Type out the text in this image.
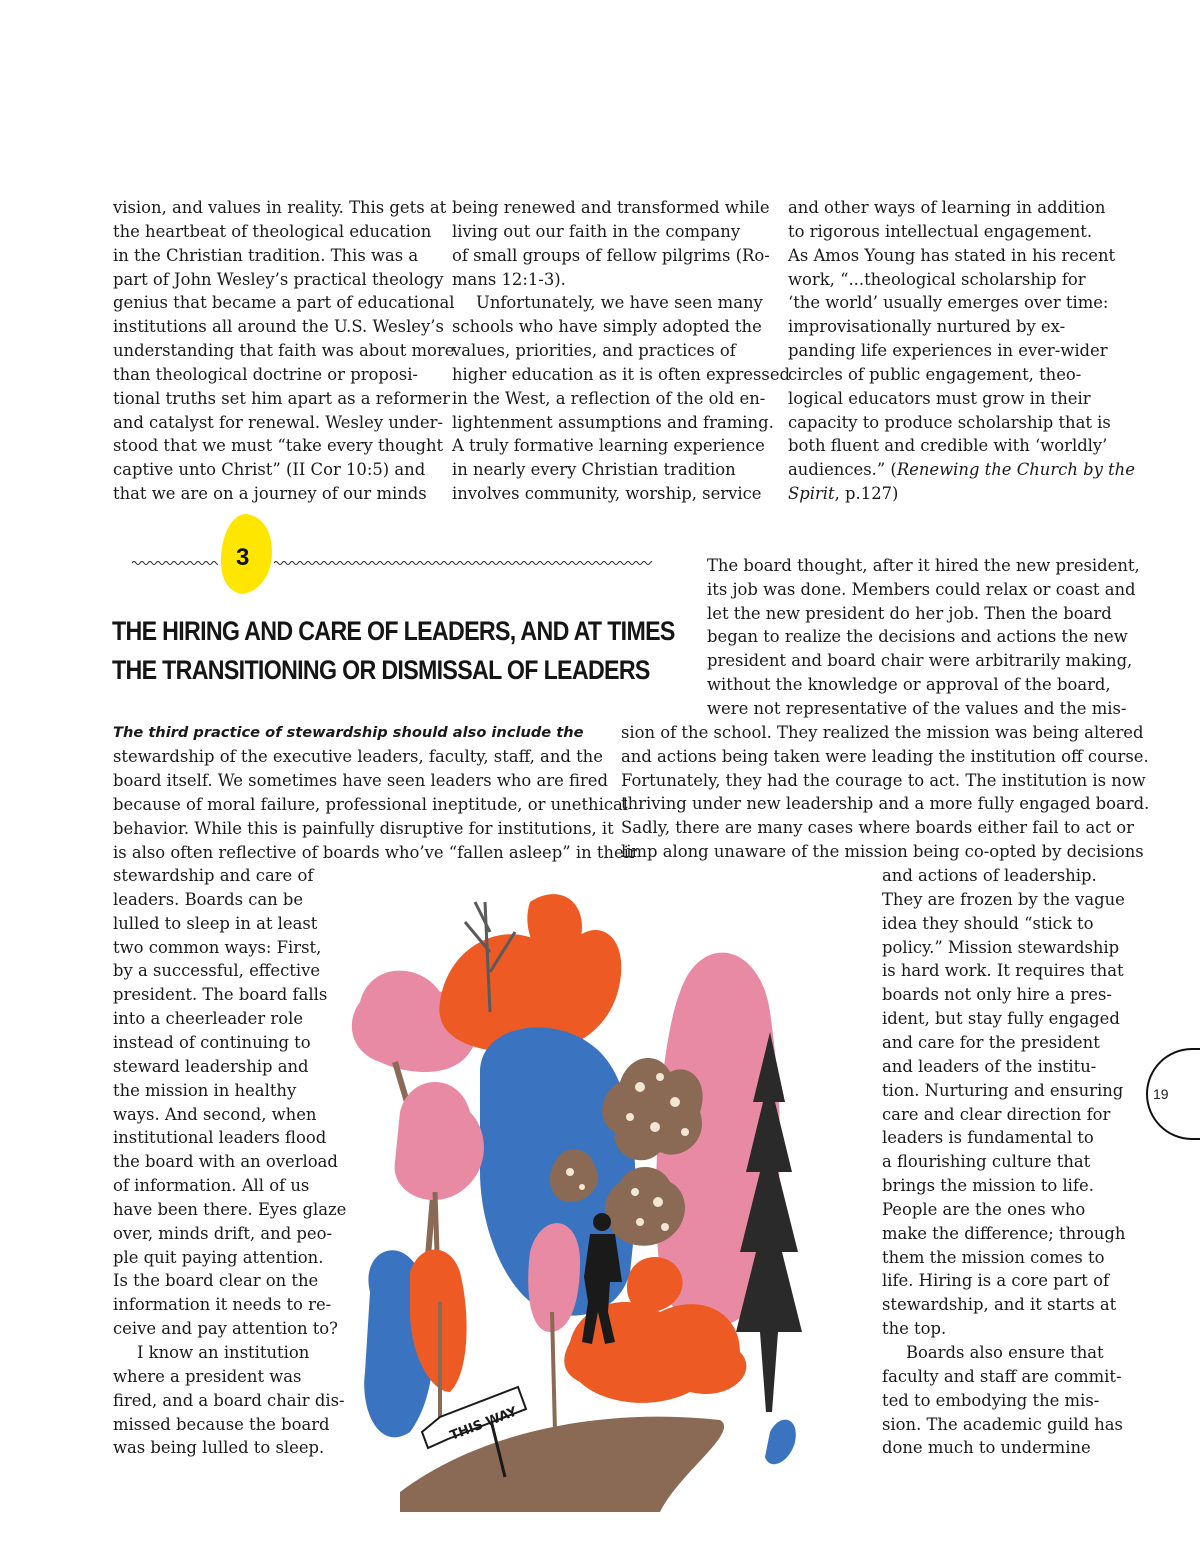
vision, and values in reality. This gets at
the heartbeat of theological education
in the Christian tradition. This was a
part of John Wesley’s practical theology
genius that became a part of educational
institutions all around the U.S. Wesley’s
understanding that faith was about more
than theological doctrine or proposi-
tional truths set him apart as a reformer
and catalyst for renewal. Wesley under-
stood that we must “take every thought
captive unto Christ” (II Cor 10:5) and
that we are on a journey of our minds
being renewed and transformed while
living out our faith in the company
of small groups of fellow pilgrims (Ro-
mans 12:1-3).
Unfortunately, we have seen many
schools who have simply adopted the
values, priorities, and practices of
higher education as it is often expressed
in the West, a reflection of the old en-
lightenment assumptions and framing.
A truly formative learning experience
in nearly every Christian tradition
involves community, worship, service
and other ways of learning in addition
to rigorous intellectual engagement.
As Amos Young has stated in his recent
work, “...theological scholarship for
‘the world’ usually emerges over time:
improvisationally nurtured by ex-
panding life experiences in ever-wider
circles of public engagement, theo-
logical educators must grow in their
capacity to produce scholarship that is
both fluent and credible with ‘worldly’
audiences.” (Renewing the Church by the
Spirit, p.127)
3
THE HIRING AND CARE OF LEADERS, AND AT TIMES
THE TRANSITIONING OR DISMISSAL OF LEADERS
The third practice of stewardship should also include the
stewardship of the executive leaders, faculty, staff, and the
board itself. We sometimes have seen leaders who are fired
because of moral failure, professional ineptitude, or unethical
behavior. While this is painfully disruptive for institutions, it
is also often reflective of boards who’ve “fallen asleep” in their
stewardship and care of
leaders. Boards can be
lulled to sleep in at least
two common ways: First,
by a successful, effective
president. The board falls
into a cheerleader role
instead of continuing to
steward leadership and
the mission in healthy
ways. And second, when
institutional leaders flood
the board with an overload
of information. All of us
have been there. Eyes glaze
over, minds drift, and peo-
ple quit paying attention.
Is the board clear on the
information it needs to re-
ceive and pay attention to?
I know an institution
where a president was
fired, and a board chair dis-
missed because the board
was being lulled to sleep.
The board thought, after it hired the new president,
its job was done. Members could relax or coast and
let the new president do her job. Then the board
began to realize the decisions and actions the new
president and board chair were arbitrarily making,
without the knowledge or approval of the board,
were not representative of the values and the mis-
sion of the school. They realized the mission was being altered
and actions being taken were leading the institution off course.
Fortunately, they had the courage to act. The institution is now
thriving under new leadership and a more fully engaged board.
Sadly, there are many cases where boards either fail to act or
limp along unaware of the mission being co-opted by decisions
and actions of leadership.
They are frozen by the vague
idea they should “stick to
policy.” Mission stewardship
is hard work. It requires that
boards not only hire a pres-
ident, but stay fully engaged
and care for the president
and leaders of the institu-
tion. Nurturing and ensuring
care and clear direction for
leaders is fundamental to
a flourishing culture that
brings the mission to life.
People are the ones who
make the difference; through
them the mission comes to
life. Hiring is a core part of
stewardship, and it starts at
the top.
Boards also ensure that
faculty and staff are commit-
ted to embodying the mis-
sion. The academic guild has
done much to undermine
THIS WAY
19
